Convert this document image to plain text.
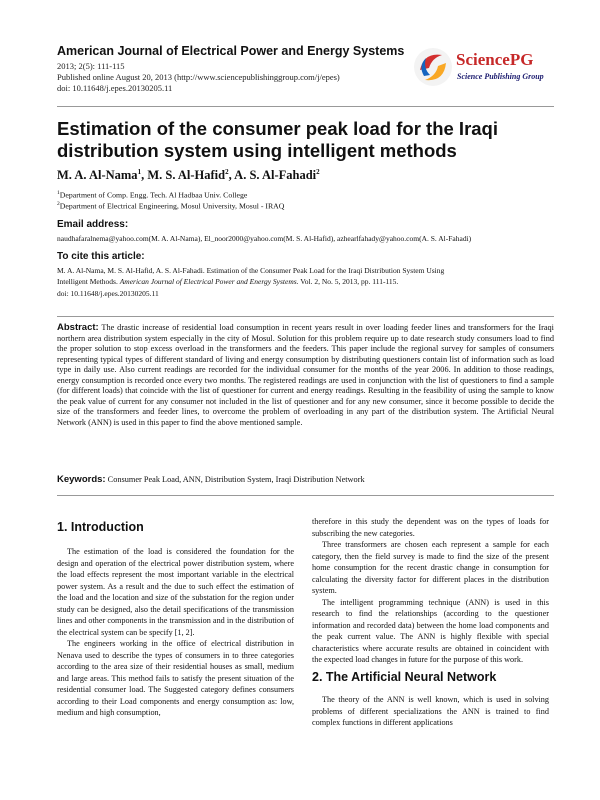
American Journal of Electrical Power and Energy Systems
2013; 2(5): 111-115
Published online August 20, 2013 (http://www.sciencepublishinggroup.com/j/epes)
doi: 10.11648/j.epes.20130205.11
SciencePG
Science Publishing Group
Estimation of the consumer peak load for the Iraqi distribution system using intelligent methods
M. A. Al-Nama$^1$, M. S. Al-Hafid$^2$, A. S. Al-Fahadi$^2$
$^1$Department of Comp. Engg. Tech. Al Hadbaa Univ. College
$^2$Department of Electrical Engineering, Mosul University, Mosul - IRAQ
Email address:
naudhafaralnema@yahoo.com(M. A. Al-Nama), El_noor2000@yahoo.com(M. S. Al-Hafid), azhearlfahady@yahoo.com(A. S. Al-Fahadi)
To cite this article:
M. A. Al-Nama, M. S. Al-Hafid, A. S. Al-Fahadi. Estimation of the Consumer Peak Load for the Iraqi Distribution System Using
Intelligent Methods. American Journal of Electrical Power and Energy Systems. Vol. 2, No. 5, 2013, pp. 111-115.
doi: 10.11648/j.epes.20130205.11
Abstract: The drastic increase of residential load consumption in recent years result in over loading feeder lines and transformers for the Iraqi northern area distribution system especially in the city of Mosul. Solution for this problem require up to date research study consumers load to find the proper solution to stop excess overload in the transformers and the feeders. This paper include the regional survey for samples of consumers representing typical types of different standard of living and energy consumption by distributing questioners contain list of information such as load type in daily use. Also current readings are recorded for the individual consumer for the months of the year 2006. In addition to those readings, energy consumption is recorded once every two months. The registered readings are used in conjunction with the list of questioners to find a sample (for different loads) that coincide with the list of questioner for current and energy readings. Resulting in the feasibility of using the sample to know the peak value of current for any consumer not included in the list of questioner and for any new consumer, since it become possible to decide the size of the transformers and feeder lines, to overcome the problem of overloading in any part of the distribution system. The Artificial Neural Network (ANN) is used in this paper to find the above mentioned sample.
Keywords: Consumer Peak Load, ANN, Distribution System, Iraqi Distribution Network
1. Introduction

The estimation of the load is considered the foundation for the design and operation of the electrical power distribution system, where the load effects represent the most important variable in the electrical power system. As a result and the due to such effect the estimation of the load and the location and size of the substation for the region under study can be designed, also the detail specifications of the transmission lines and other components in the transmission and in the distribution of the electrical system can be specify [1, 2].

The engineers working in the office of electrical distribution in Nenava used to describe the types of consumers in to three categories according to the area size of their residential houses as small, medium and large areas. This method fails to satisfy the present situation of the residential consumer load. The Suggested category defines consumers according to their Load components and energy consumption as: low, medium and high consumption,

therefore in this study the dependent was on the types of loads for subscribing the new categories.

Three transformers are chosen each represent a sample for each category, then the field survey is made to find the size of the present home consumption for the recent drastic change in consumption for calculating the diversity factor for different places in the distribution system.

The intelligent programming technique (ANN) is used in this research to find the relationships (according to the questioner information and recorded data) between the home load components and the peak current value. The ANN is highly flexible with special characteristics where accurate results are obtained in coincident with the expected load changes in future for the purpose of this work.

2. The Artificial Neural Network

The theory of the ANN is well known, which is used in solving problems of different specializations the ANN is trained to find complex functions in different applications
